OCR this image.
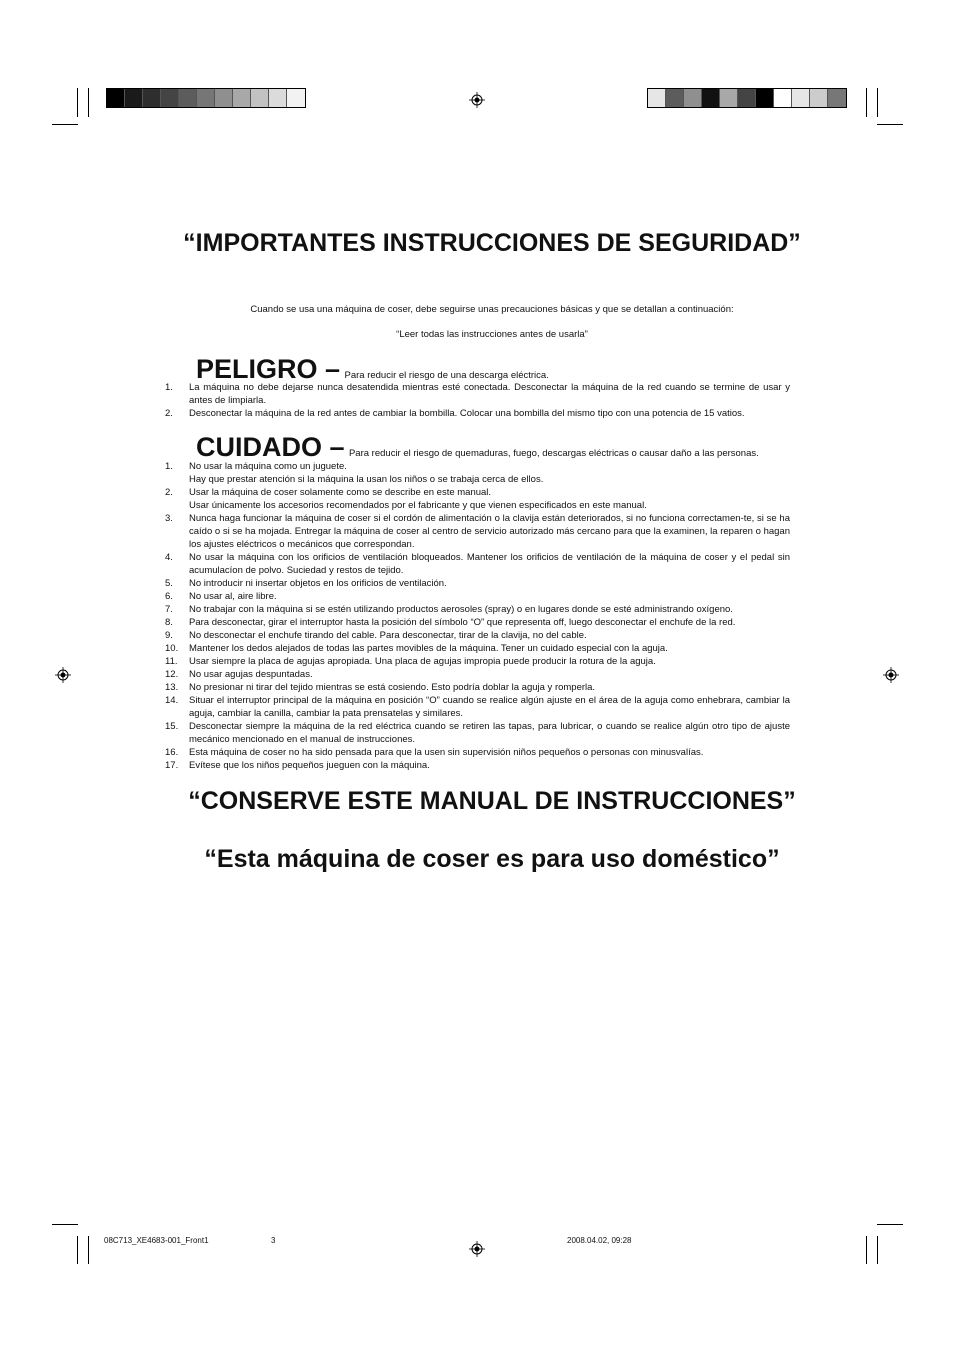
“IMPORTANTES INSTRUCCIONES DE SEGURIDAD”
Cuando se usa una máquina de coser, debe seguirse unas precauciones básicas y que se detallan a continuación:
“Leer todas las instrucciones antes de usarla”
PELIGRO – Para reducir el riesgo de una descarga eléctrica.
1. La máquina no debe dejarse nunca desatendida mientras esté conectada. Desconectar la máquina de la red cuando se termine de usar y antes de limpiarla.
2. Desconectar la máquina de la red antes de cambiar la bombilla. Colocar una bombilla del mismo tipo con una potencia de 15 vatios.
CUIDADO – Para reducir el riesgo de quemaduras, fuego, descargas eléctricas o causar daño a las personas.
1. No usar la máquina como un juguete.
Hay que prestar atención si la máquina la usan los niños o se trabaja cerca de ellos.
2. Usar la máquina de coser solamente como se describe en este manual.
Usar únicamente los accesorios recomendados por el fabricante y que vienen especificados en este manual.
3. Nunca haga funcionar la máquina de coser si el cordón de alimentación o la clavija están deteriorados, si no funciona correctamen-te, si se ha caído o si se ha mojada. Entregar la máquina de coser al centro de servicio autorizado más cercano para que la examinen, la reparen o hagan los ajustes eléctricos o mecánicos que correspondan.
4. No usar la máquina con los orificios de ventilación bloqueados. Mantener los orificios de ventilación de la máquina de coser y el pedal sin acumulacíon de polvo. Suciedad y restos de tejido.
5. No introducir ni insertar objetos en los orificios de ventilación.
6. No usar al, aire libre.
7. No trabajar con la máquina si se estén utilizando productos aerosoles (spray) o en lugares donde se esté administrando oxígeno.
8. Para desconectar, girar el interruptor hasta la posición del símbolo “O” que representa off, luego desconectar el enchufe de la red.
9. No desconectar el enchufe tirando del cable. Para desconectar, tirar de la clavija, no del cable.
10. Mantener los dedos alejados de todas las partes movibles de la máquina. Tener un cuidado especial con la aguja.
11. Usar siempre la placa de agujas apropiada. Una placa de agujas impropia puede producir la rotura de la aguja.
12. No usar agujas despuntadas.
13. No presionar ni tirar del tejido mientras se está cosiendo. Esto podría doblar la aguja y romperla.
14. Situar el interruptor principal de la máquina en posición “O” cuando se realice algún ajuste en el área de la aguja como enhebrara, cambiar la aguja, cambiar la canilla, cambiar la pata prensatelas y similares.
15. Desconectar siempre la máquina de la red eléctrica cuando se retiren las tapas, para lubricar, o cuando se realice algún otro tipo de ajuste mecánico mencionado en el manual de instrucciones.
16. Esta máquina de coser no ha sido pensada para que la usen sin supervisión niños pequeños o personas con minusvalías.
17. Evítese que los niños pequeños jueguen con la máquina.
“CONSERVE ESTE MANUAL DE INSTRUCCIONES”
“Esta máquina de coser es para uso doméstico”
08C713_XE4683-001_Front1	3	2008.04.02, 09:28
